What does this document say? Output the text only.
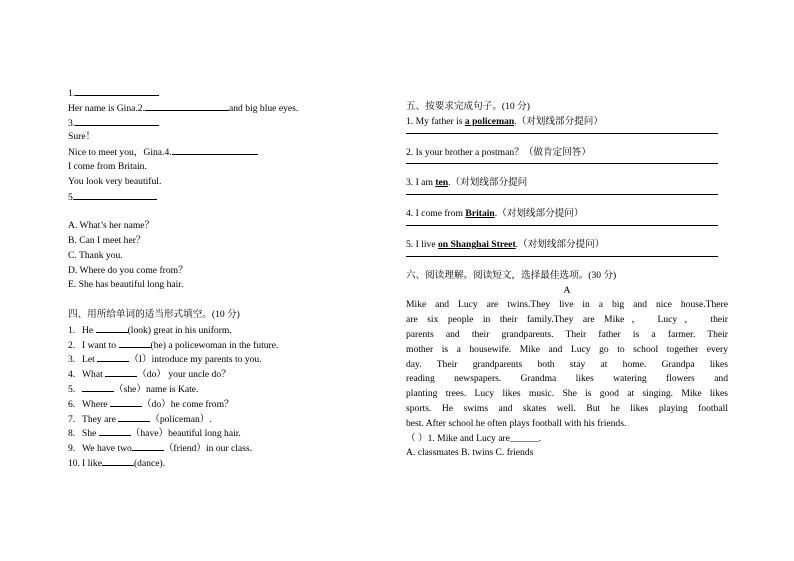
1.
Her name is Gina.2.	and big blue eyes.
3.
Sure！
Nice to meet you，Gina.4.
I come from Britain.
You look very beautiful.
5
A. What’s her name？
B. Can I meet her？
C. Thank you.
D. Where do you come from？
E. She has beautiful long hair.
四、用所给单词的适当形式填空。(10 分)
1. He	(look) great in his uniform.
2. I want to	(be) a policewoman in the future.
3. Let	（I）introduce my parents to you.
4. What	（do） your uncle do？
5.	（she）name is Kate.
6. Where	（do）he come from？
7. They are	（policeman）.
8. She	（have）beautiful long hair.
9. We have two	（friend）in our class.
10. I like	(dance).
五、按要求完成句子。(10 分)
1. My father is a policeman.（对划线部分提问）
2. Is your brother a postman？（做肯定回答）
3. I am ten.（对划线部分提问
4. I come from Britain.（对划线部分提问）
5. I live on Shanghai Street.（对划线部分提问）
六、阅读理解。阅读短文，选择最佳选项。(30 分)
A
Mike and Lucy are twins.They live in a big and nice house.There
are six people in their family.They are Mike， Lucy， their
parents and their grandparents. Their father is a farmer. Their
mother is a housewife. Mike and Lucy go to school together every
day. Their grandparents both stay at home. Grandpa likes
reading newspapers. Grandma likes watering flowers and
planting trees. Lucy likes music. She is good at singing. Mike likes
sports. He swims and skates well. But he likes playing football
best. After school he often plays football with his friends.
（ ）1. Mike and Lucy are______.
A. classmates B. twins C. friends
